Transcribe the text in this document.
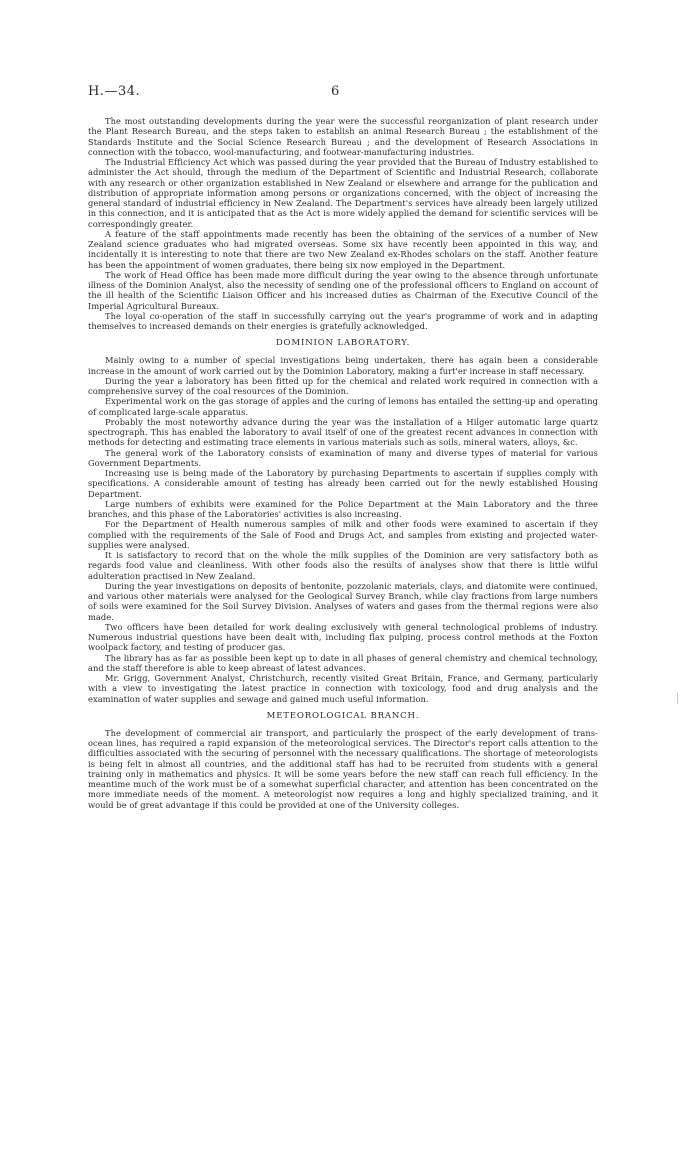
H.—34.	6

The most outstanding developments during the year were the successful reorganization of plant research under the Plant Research Bureau, and the steps taken to establish an animal Research Bureau ; the establishment of the Standards Institute and the Social Science Research Bureau ; and the development of Research Associations in connection with the tobacco, wool-manufacturing, and footwear-manufacturing industries.

The Industrial Efficiency Act which was passed during the year provided that the Bureau of Industry established to administer the Act should, through the medium of the Department of Scientific and Industrial Research, collaborate with any research or other organization established in New Zealand or elsewhere and arrange for the publication and distribution of appropriate information among persons or organizations concerned, with the object of increasing the general standard of industrial efficiency in New Zealand. The Department's services have already been largely utilized in this connection, and it is anticipated that as the Act is more widely applied the demand for scientific services will be correspondingly greater.

A feature of the staff appointments made recently has been the obtaining of the services of a number of New Zealand science graduates who had migrated overseas. Some six have recently been appointed in this way, and incidentally it is interesting to note that there are two New Zealand ex-Rhodes scholars on the staff. Another feature has been the appointment of women graduates, there being six now employed in the Department.

The work of Head Office has been made more difficult during the year owing to the absence through unfortunate illness of the Dominion Analyst, also the necessity of sending one of the professional officers to England on account of the ill health of the Scientific Liaison Officer and his increased duties as Chairman of the Executive Council of the Imperial Agricultural Bureaux.

The loyal co-operation of the staff in successfully carrying out the year's programme of work and in adapting themselves to increased demands on their energies is gratefully acknowledged.

DOMINION LABORATORY.

Mainly owing to a number of special investigations being undertaken, there has again been a considerable increase in the amount of work carried out by the Dominion Laboratory, making a furt'er increase in staff necessary.

During the year a laboratory has been fitted up for the chemical and related work required in connection with a comprehensive survey of the coal resources of the Dominion.

Experimental work on the gas storage of apples and the curing of lemons has entailed the setting-up and operating of complicated large-scale apparatus.

Probably the most noteworthy advance during the year was the installation of a Hilger automatic large quartz spectrograph. This has enabled the laboratory to avail itself of one of the greatest recent advances in connection with methods for detecting and estimating trace elements in various materials such as soils, mineral waters, alloys, &c.

The general work of the Laboratory consists of examination of many and diverse types of material for various Government Departments.

Increasing use is being made of the Laboratory by purchasing Departments to ascertain if supplies comply with specifications. A considerable amount of testing has already been carried out for the newly established Housing Department.

Large numbers of exhibits were examined for the Police Department at the Main Laboratory and the three branches, and this phase of the Laboratories' activities is also increasing.

For the Department of Health numerous samples of milk and other foods were examined to ascertain if they complied with the requirements of the Sale of Food and Drugs Act, and samples from existing and projected water-supplies were analysed.

It is satisfactory to record that on the whole the milk supplies of the Dominion are very satisfactory both as regards food value and cleanliness. With other foods also the results of analyses show that there is little wilful adulteration practised in New Zealand.

During the year investigations on deposits of bentonite, pozzolanic materials, clays, and diatomite were continued, and various other materials were analysed for the Geological Survey Branch, while clay fractions from large numbers of soils were examined for the Soil Survey Division. Analyses of waters and gases from the thermal regions were also made.

Two officers have been detailed for work dealing exclusively with general technological problems of industry. Numerous industrial questions have been dealt with, including flax pulping, process control methods at the Foxton woolpack factory, and testing of producer gas.

The library has as far as possible been kept up to date in all phases of general chemistry and chemical technology, and the staff therefore is able to keep abreast of latest advances.

Mr. Grigg, Government Analyst, Christchurch, recently visited Great Britain, France, and Germany, particularly with a view to investigating the latest practice in connection with toxicology, food and drug analysis and the examination of water supplies and sewage and gained much useful information.

METEOROLOGICAL BRANCH.

The development of commercial air transport, and particularly the prospect of the early development of trans-ocean lines, has required a rapid expansion of the meteorological services. The Director's report calls attention to the difficulties associated with the securing of personnel with the necessary qualifications. The shortage of meteorologists is being felt in almost all countries, and the additional staff has had to be recruited from students with a general training only in mathematics and physics. It will be some years before the new staff can reach full efficiency. In the meantime much of the work must be of a somewhat superficial character, and attention has been concentrated on the more immediate needs of the moment. A meteorologist now requires a long and highly specialized training, and it would be of great advantage if this could be provided at one of the University colleges.
